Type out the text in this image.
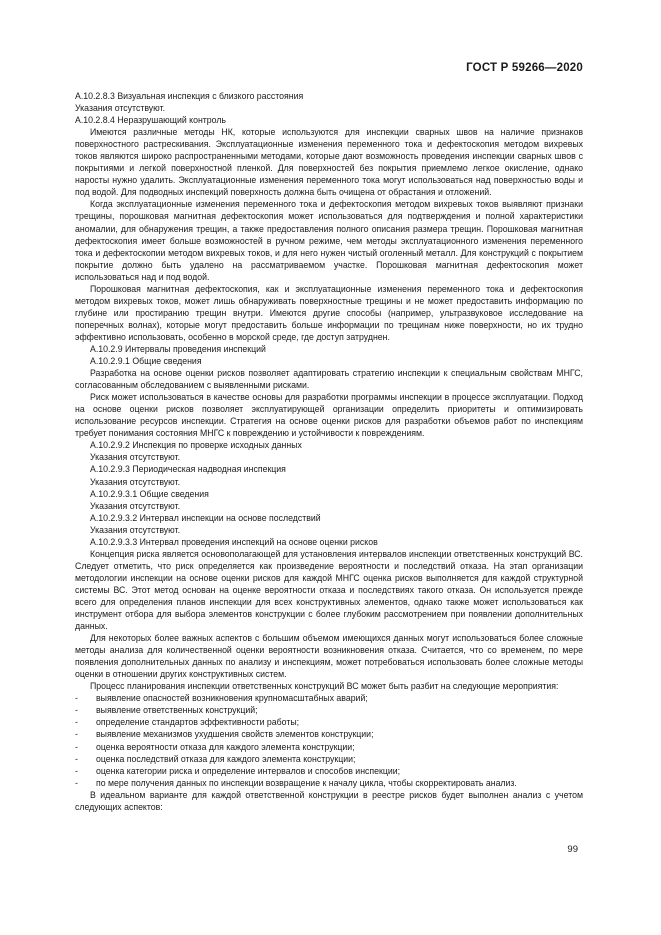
ГОСТ Р 59266—2020

А.10.2.8.3 Визуальная инспекция с близкого расстояния

Указания отсутствуют.

А.10.2.8.4 Неразрушающий контроль

Имеются различные методы НК, которые используются для инспекции сварных швов на наличие признаков поверхностного растрескивания. Эксплуатационные изменения переменного тока и дефектоскопия методом вихревых токов являются широко распространенными методами, которые дают возможность проведения инспекции сварных швов с покрытиями и легкой поверхностной пленкой. Для поверхностей без покрытия приемлемо легкое окисление, однако наросты нужно удалить. Эксплуатационные изменения переменного тока могут использоваться над поверхностью воды и под водой. Для подводных инспекций поверхность должна быть очищена от обрастания и отложений.

Когда эксплуатационные изменения переменного тока и дефектоскопия методом вихревых токов выявляют признаки трещины, порошковая магнитная дефектоскопия может использоваться для подтверждения и полной характеристики аномалии, для обнаружения трещин, а также предоставления полного описания размера трещин. Порошковая магнитная дефектоскопия имеет больше возможностей в ручном режиме, чем методы эксплуатационного изменения переменного тока и дефектоскопии методом вихревых токов, и для него нужен чистый оголенный металл. Для конструкций с покрытием покрытие должно быть удалено на рассматриваемом участке. Порошковая магнитная дефектоскопия может использоваться над и под водой.

Порошковая магнитная дефектоскопия, как и эксплуатационные изменения переменного тока и дефектоскопия методом вихревых токов, может лишь обнаруживать поверхностные трещины и не может предоставить информацию по глубине или простиранию трещин внутри. Имеются другие способы (например, ультразвуковое исследование на поперечных волнах), которые могут предоставить больше информации по трещинам ниже поверхности, но их трудно эффективно использовать, особенно в морской среде, где доступ затруднен.

А.10.2.9 Интервалы проведения инспекций

А.10.2.9.1 Общие сведения

Разработка на основе оценки рисков позволяет адаптировать стратегию инспекции к специальным свойствам МНГС, согласованным обследованием с выявленными рисками.

Риск может использоваться в качестве основы для разработки программы инспекции в процессе эксплуатации. Подход на основе оценки рисков позволяет эксплуатирующей организации определить приоритеты и оптимизировать использование ресурсов инспекции. Стратегия на основе оценки рисков для разработки объемов работ по инспекциям требует понимания состояния МНГС к повреждению и устойчивости к повреждениям.

А.10.2.9.2 Инспекция по проверке исходных данных

Указания отсутствуют.

А.10.2.9.3 Периодическая надводная инспекция

Указания отсутствуют.

А.10.2.9.3.1 Общие сведения

Указания отсутствуют.

А.10.2.9.3.2 Интервал инспекции на основе последствий

Указания отсутствуют.

А.10.2.9.3.3 Интервал проведения инспекций на основе оценки рисков

Концепция риска является основополагающей для установления интервалов инспекции ответственных конструкций ВС. Следует отметить, что риск определяется как произведение вероятности и последствий отказа. На этап организации методологии инспекции на основе оценки рисков для каждой МНГС оценка рисков выполняется для каждой структурной системы ВС. Этот метод основан на оценке вероятности отказа и последствиях такого отказа. Он используется прежде всего для определения планов инспекции для всех конструктивных элементов, однако также может использоваться как инструмент отбора для выбора элементов конструкции с более глубоким рассмотрением при появлении дополнительных данных.

Для некоторых более важных аспектов с большим объемом имеющихся данных могут использоваться более сложные методы анализа для количественной оценки вероятности возникновения отказа. Считается, что со временем, по мере появления дополнительных данных по анализу и инспекциям, может потребоваться использовать более сложные методы оценки в отношении других конструктивных систем.

Процесс планирования инспекции ответственных конструкций ВС может быть разбит на следующие мероприятия:

-	выявление опасностей возникновения крупномасштабных аварий;
-	выявление ответственных конструкций;
-	определение стандартов эффективности работы;
-	выявление механизмов ухудшения свойств элементов конструкции;
-	оценка вероятности отказа для каждого элемента конструкции;
-	оценка последствий отказа для каждого элемента конструкции;
-	оценка категории риска и определение интервалов и способов инспекции;
-	по мере получения данных по инспекции возвращение к началу цикла, чтобы скорректировать анализ.

В идеальном варианте для каждой ответственной конструкции в реестре рисков будет выполнен анализ с учетом следующих аспектов:

99
